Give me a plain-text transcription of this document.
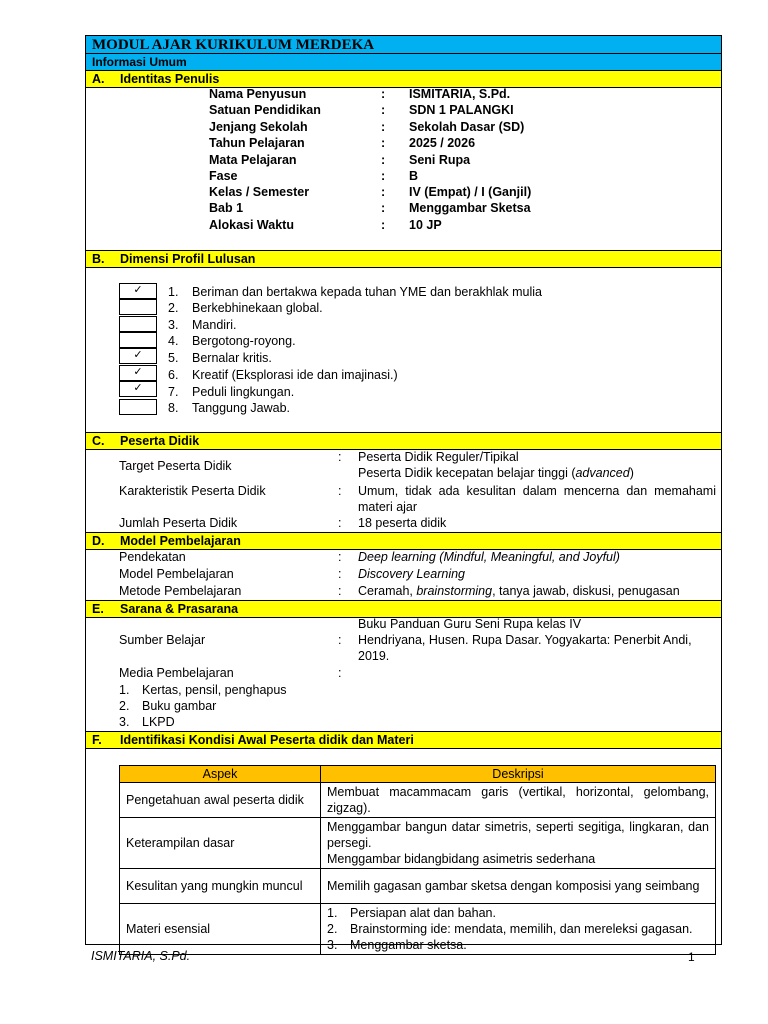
MODUL AJAR KURIKULUM MERDEKA
Informasi Umum
A. Identitas Penulis
Nama Penyusun	: ISMITARIA, S.Pd.
Satuan Pendidikan	: SDN 1 PALANGKI
Jenjang Sekolah	: Sekolah Dasar (SD)
Tahun Pelajaran	: 2025 / 2026
Mata Pelajaran	: Seni Rupa
Fase	: B
Kelas / Semester	: IV (Empat) / I (Ganjil)
Bab 1	: Menggambar Sketsa
Alokasi Waktu	: 10 JP
B. Dimensi Profil Lulusan
✓	1. Beriman dan bertakwa kepada tuhan YME dan berakhlak mulia
2. Berkebhinekaan global.
3. Mandiri.
4. Bergotong-royong.
✓	5. Bernalar kritis.
✓	6. Kreatif (Eksplorasi ide dan imajinasi.)
✓	7. Peduli lingkungan.
8. Tanggung Jawab.
C. Peserta Didik
Target Peserta Didik
: Peserta Didik Reguler/Tipikal
Peserta Didik kecepatan belajar tinggi (advanced)
Karakteristik Peserta Didik	: Umum, tidak ada kesulitan dalam mencerna dan memahami materi ajar
Jumlah Peserta Didik	: 18 peserta didik
D. Model Pembelajaran
Pendekatan	: Deep learning (Mindful, Meaningful, and Joyful)
Model Pembelajaran	: Discovery Learning
Metode Pembelajaran	: Ceramah, brainstorming, tanya jawab, diskusi, penugasan
E. Sarana & Prasarana
Buku Panduan Guru Seni Rupa kelas IV
Sumber Belajar	: Hendriyana, Husen. Rupa Dasar. Yogyakarta: Penerbit Andi, 2019.
Media Pembelajaran	:
1. Kertas, pensil, penghapus
2. Buku gambar
3. LKPD
F. Identifikasi Kondisi Awal Peserta didik dan Materi
Aspek	Deskripsi
Pengetahuan awal peserta didik	Membuat macammacam garis (vertikal, horizontal, gelombang, zigzag).
Keterampilan dasar	Menggambar bangun datar simetris, seperti segitiga, lingkaran, dan persegi.
Menggambar bidangbidang asimetris sederhana

Kesulitan yang mungkin muncul	Memilih gagasan gambar sketsa dengan komposisi yang seimbang
Materi esensial	1. Persiapan alat dan bahan.
2. Brainstorming ide: mendata, memilih, dan mereleksi gagasan.
3. Menggambar sketsa.
ISMITARIA, S.Pd.	1
